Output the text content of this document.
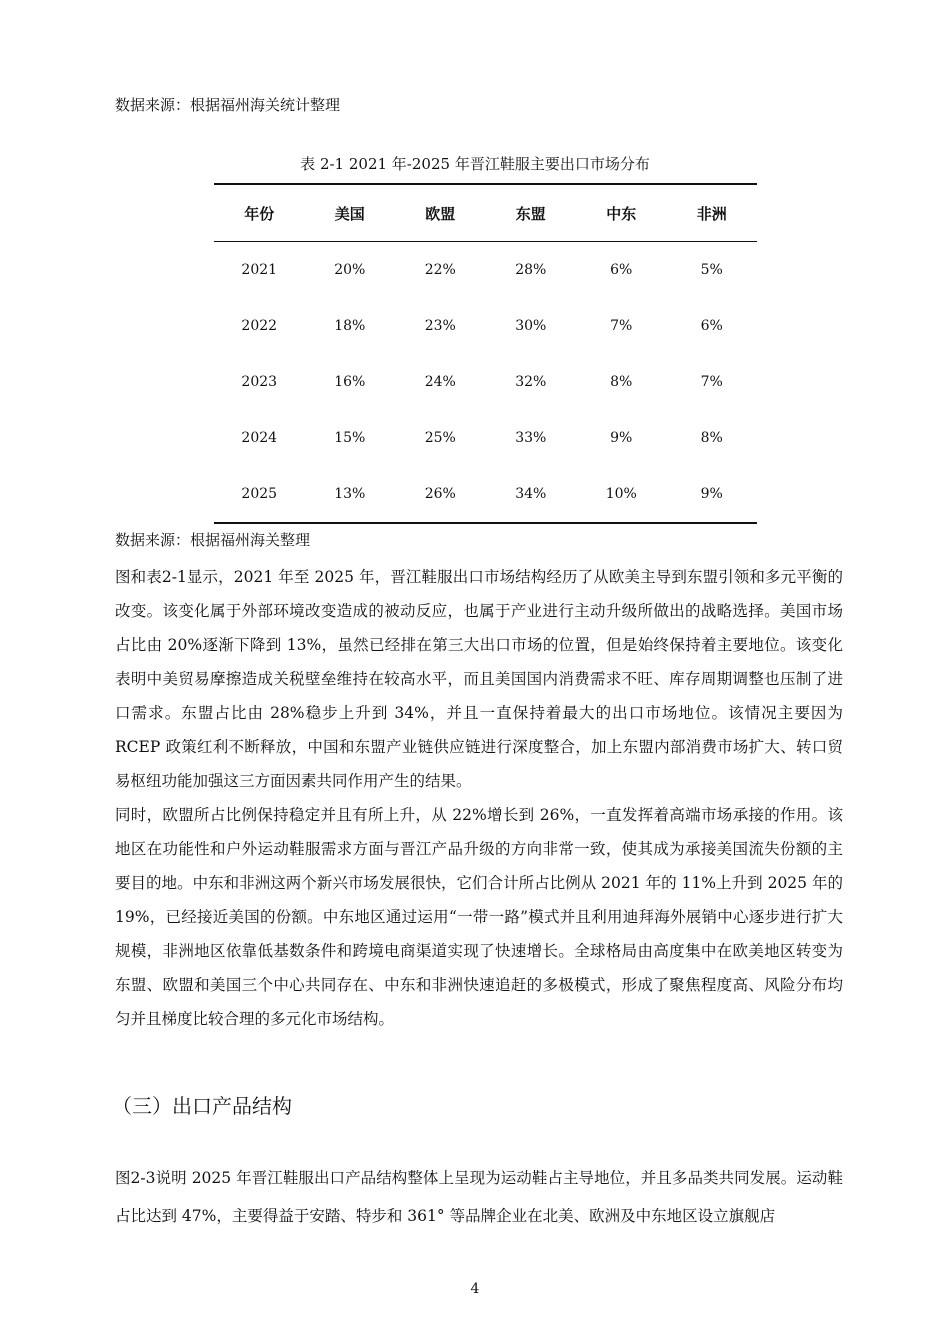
数据来源：根据福州海关统计整理
表 2-1 2021 年-2025 年晋江鞋服主要出口市场分布
年份	美国	欧盟	东盟	中东	非洲
2021	20%	22%	28%	6%	5%
2022	18%	23%	30%	7%	6%
2023	16%	24%	32%	8%	7%
2024	15%	25%	33%	9%	8%
2025	13%	26%	34%	10%	9%
数据来源：根据福州海关整理

图和表2-1显示，2021 年至 2025 年，晋江鞋服出口市场结构经历了从欧美主导到东盟引领和多元平衡的改变。该变化属于外部环境改变造成的被动反应，也属于产业进行主动升级所做出的战略选择。美国市场占比由 20%逐渐下降到 13%，虽然已经排在第三大出口市场的位置，但是始终保持着主要地位。该变化表明中美贸易摩擦造成关税壁垒维持在较高水平，而且美国国内消费需求不旺、库存周期调整也压制了进口需求。东盟占比由 28%稳步上升到 34%，并且一直保持着最大的出口市场地位。该情况主要因为 RCEP 政策红利不断释放，中国和东盟产业链供应链进行深度整合，加上东盟内部消费市场扩大、转口贸易枢纽功能加强这三方面因素共同作用产生的结果。

同时，欧盟所占比例保持稳定并且有所上升，从 22%增长到 26%，一直发挥着高端市场承接的作用。该地区在功能性和户外运动鞋服需求方面与晋江产品升级的方向非常一致，使其成为承接美国流失份额的主要目的地。中东和非洲这两个新兴市场发展很快，它们合计所占比例从 2021 年的 11%上升到 2025 年的 19%，已经接近美国的份额。中东地区通过运用“一带一路”模式并且利用迪拜海外展销中心逐步进行扩大规模，非洲地区依靠低基数条件和跨境电商渠道实现了快速增长。全球格局由高度集中在欧美地区转变为东盟、欧盟和美国三个中心共同存在、中东和非洲快速追赶的多极模式，形成了聚焦程度高、风险分布均匀并且梯度比较合理的多元化市场结构。

（三）出口产品结构

图2-3说明 2025 年晋江鞋服出口产品结构整体上呈现为运动鞋占主导地位，并且多品类共同发展。运动鞋占比达到 47%，主要得益于安踏、特步和 361° 等品牌企业在北美、欧洲及中东地区设立旗舰店

4
